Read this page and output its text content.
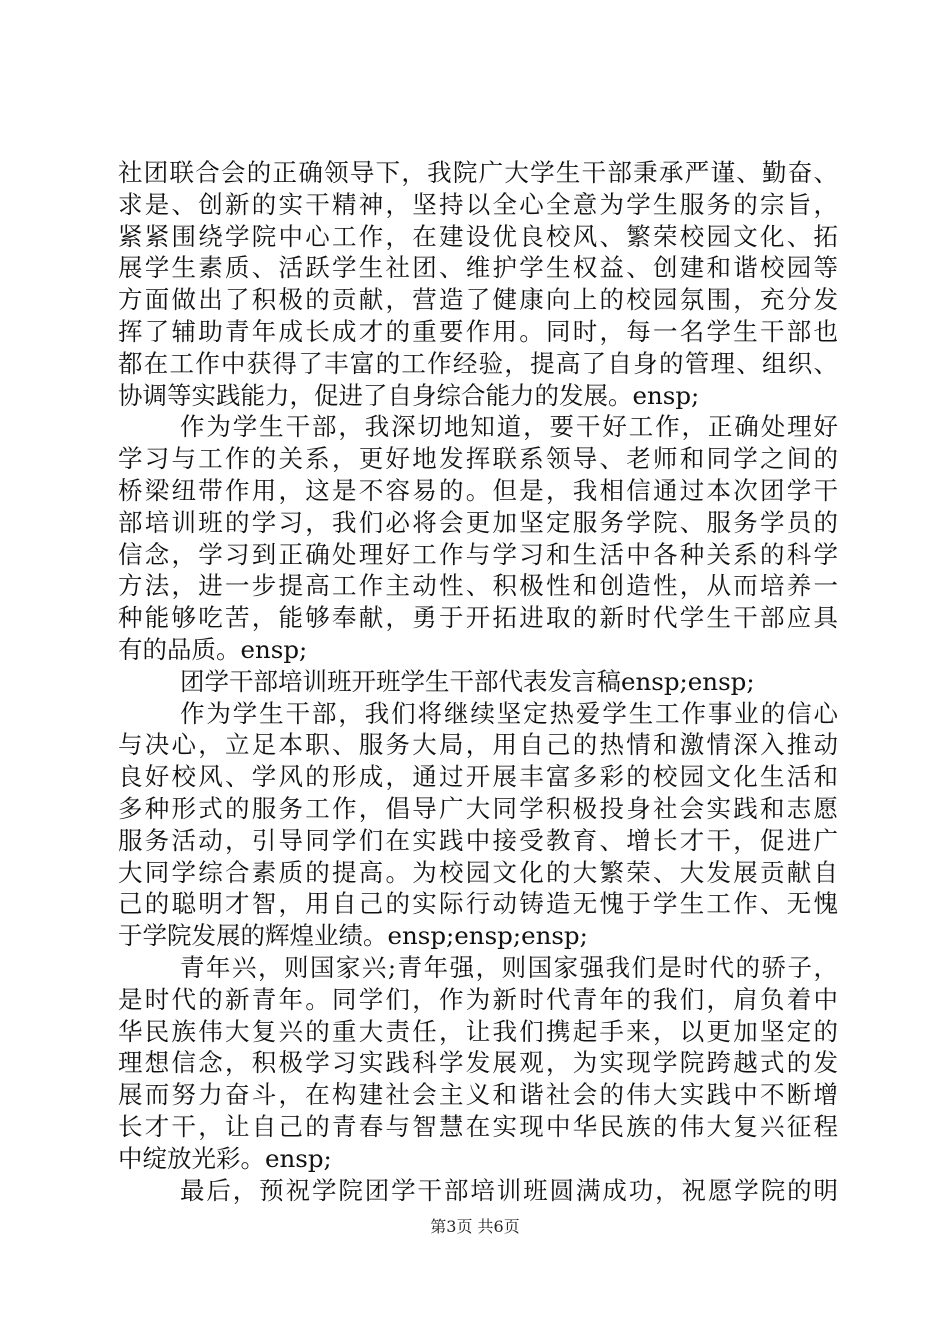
社团联合会的正确领导下，我院广大学生干部秉承严谨、勤奋、
求是、创新的实干精神，坚持以全心全意为学生服务的宗旨，
紧紧围绕学院中心工作，在建设优良校风、繁荣校园文化、拓
展学生素质、活跃学生社团、维护学生权益、创建和谐校园等
方面做出了积极的贡献，营造了健康向上的校园氛围，充分发
挥了辅助青年成长成才的重要作用。同时，每一名学生干部也
都在工作中获得了丰富的工作经验，提高了自身的管理、组织、
协调等实践能力，促进了自身综合能力的发展。ensp;
作为学生干部，我深切地知道，要干好工作，正确处理好
学习与工作的关系，更好地发挥联系领导、老师和同学之间的
桥梁纽带作用，这是不容易的。但是，我相信通过本次团学干
部培训班的学习，我们必将会更加坚定服务学院、服务学员的
信念，学习到正确处理好工作与学习和生活中各种关系的科学
方法，进一步提高工作主动性、积极性和创造性，从而培养一
种能够吃苦，能够奉献，勇于开拓进取的新时代学生干部应具
有的品质。ensp;
团学干部培训班开班学生干部代表发言稿ensp;ensp;
作为学生干部，我们将继续坚定热爱学生工作事业的信心
与决心，立足本职、服务大局，用自己的热情和激情深入推动
良好校风、学风的形成，通过开展丰富多彩的校园文化生活和
多种形式的服务工作，倡导广大同学积极投身社会实践和志愿
服务活动，引导同学们在实践中接受教育、增长才干，促进广
大同学综合素质的提高。为校园文化的大繁荣、大发展贡献自
己的聪明才智，用自己的实际行动铸造无愧于学生工作、无愧
于学院发展的辉煌业绩。ensp;ensp;ensp;
青年兴，则国家兴;青年强，则国家强我们是时代的骄子，
是时代的新青年。同学们，作为新时代青年的我们，肩负着中
华民族伟大复兴的重大责任，让我们携起手来，以更加坚定的
理想信念，积极学习实践科学发展观，为实现学院跨越式的发
展而努力奋斗，在构建社会主义和谐社会的伟大实践中不断增
长才干，让自己的青春与智慧在实现中华民族的伟大复兴征程
中绽放光彩。ensp;
最后，预祝学院团学干部培训班圆满成功，祝愿学院的明
第3页 共6页
